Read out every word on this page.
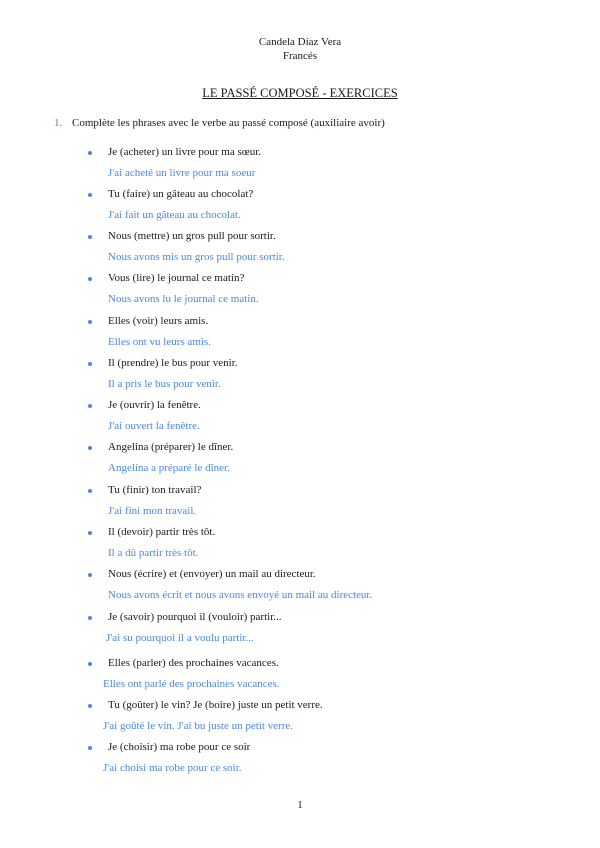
Candela Díaz Vera
Francés
LE PASSÉ COMPOSÉ - EXERCICES
1. Complète les phrases avec le verbe au passé composé (auxiliaire avoir)
Je (acheter) un livre pour ma sœur.
J'ai acheté un livre pour ma soeur
Tu (faire) un gâteau au chocolat?
J'ai fait un gâteau au chocolat.
Nous (mettre) un gros pull pour sortir.
Nous avons mis un gros pull pour sortir.
Vous (lire) le journal ce matin?
Nous avons lu le journal ce matin.
Elles (voir) leurs amis.
Elles ont vu leurs amis.
Il (prendre) le bus pour venir.
Il a pris le bus pour venir.
Je (ouvrir) la fenêtre.
J'ai ouvert la fenêtre.
Angelina (préparer) le dîner.
Angelina a préparé le dîner.
Tu (finir) ton travail?
J'ai fini mon travail.
Il (devoir) partir très tôt.
Il a dû partir très tôt.
Nous (écrire) et (envoyer) un mail au directeur.
Nous avons écrit et nous avons envoyé un mail au directeur.
Je (savoir) pourquoi il (vouloir) partir...
J'ai su pourquoi il a voulu partir...
Elles (parler) des prochaines vacances.
Elles ont parlé des prochaines vacances.
Tu (goûter) le vin? Je (boire) juste un petit verre.
J'ai goûté le vin. J'ai bu juste un petit verre.
Je (choisir) ma robe pour ce soir
J'ai choisi ma robe pour ce soir.
1
